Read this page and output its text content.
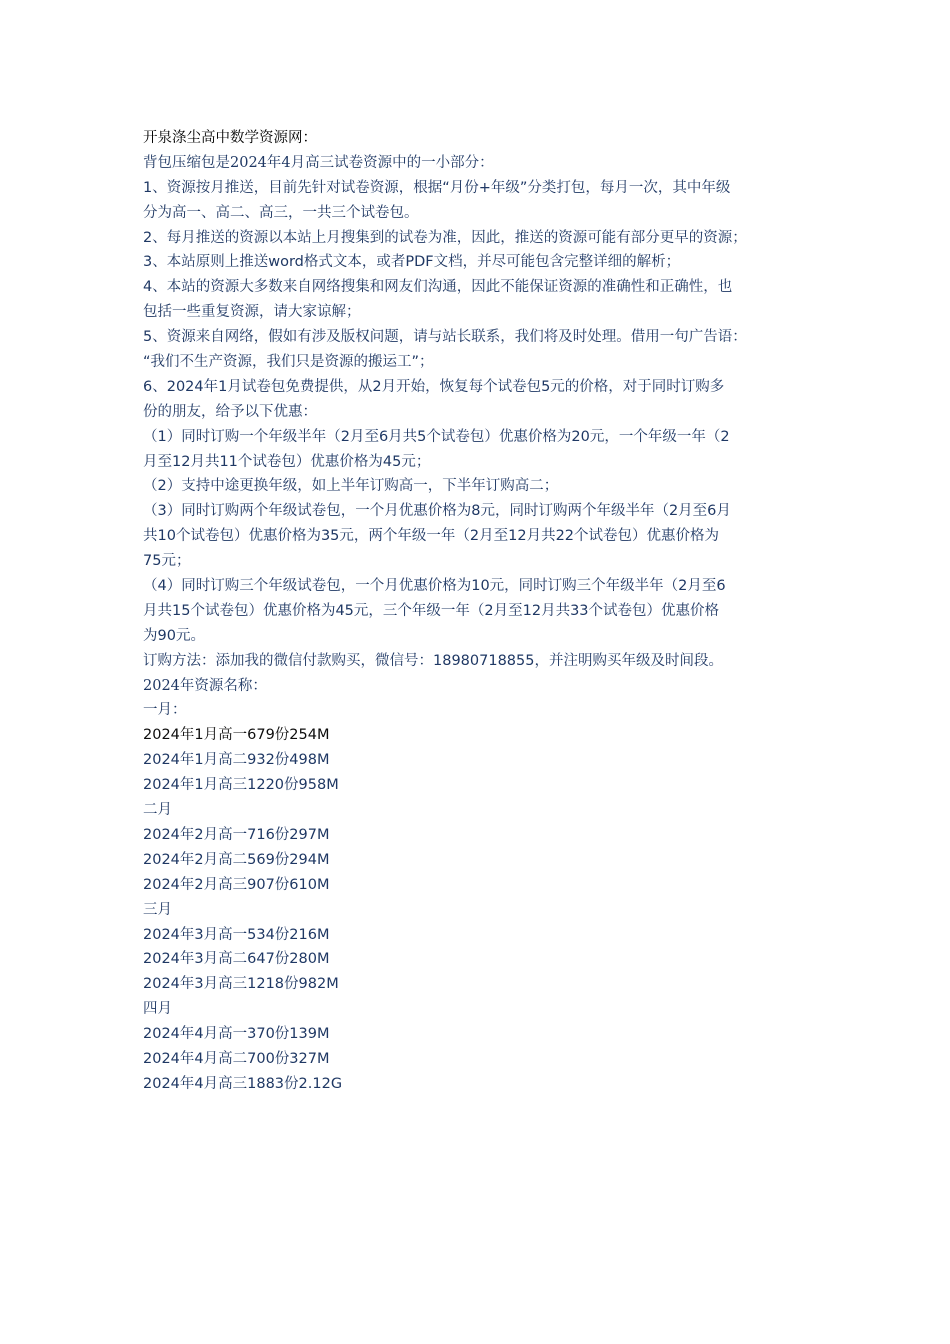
开泉涤尘高中数学资源网：
背包压缩包是2024年4月高三试卷资源中的一小部分：
1、资源按月推送，目前先针对试卷资源，根据“月份+年级”分类打包，每月一次，其中年级
分为高一、高二、高三，一共三个试卷包。
2、每月推送的资源以本站上月搜集到的试卷为准，因此，推送的资源可能有部分更早的资源；
3、本站原则上推送word格式文本，或者PDF文档，并尽可能包含完整详细的解析；
4、本站的资源大多数来自网络搜集和网友们沟通，因此不能保证资源的准确性和正确性，也
包括一些重复资源，请大家谅解；
5、资源来自网络，假如有涉及版权问题，请与站长联系，我们将及时处理。借用一句广告语：
“我们不生产资源，我们只是资源的搬运工”；
6、2024年1月试卷包免费提供，从2月开始，恢复每个试卷包5元的价格，对于同时订购多
份的朋友，给予以下优惠：
（1）同时订购一个年级半年（2月至6月共5个试卷包）优惠价格为20元，一个年级一年（2
月至12月共11个试卷包）优惠价格为45元；
（2）支持中途更换年级，如上半年订购高一，下半年订购高二；
（3）同时订购两个年级试卷包，一个月优惠价格为8元，同时订购两个年级半年（2月至6月
共10个试卷包）优惠价格为35元，两个年级一年（2月至12月共22个试卷包）优惠价格为
75元；
（4）同时订购三个年级试卷包，一个月优惠价格为10元，同时订购三个年级半年（2月至6
月共15个试卷包）优惠价格为45元，三个年级一年（2月至12月共33个试卷包）优惠价格
为90元。
订购方法：添加我的微信付款购买，微信号：18980718855，并注明购买年级及时间段。
2024年资源名称：
一月：
2024年1月高一679份254M
2024年1月高二932份498M
2024年1月高三1220份958M
二月
2024年2月高一716份297M
2024年2月高二569份294M
2024年2月高三907份610M
三月
2024年3月高一534份216M
2024年3月高二647份280M
2024年3月高三1218份982M
四月
2024年4月高一370份139M
2024年4月高二700份327M
2024年4月高三1883份2.12G
